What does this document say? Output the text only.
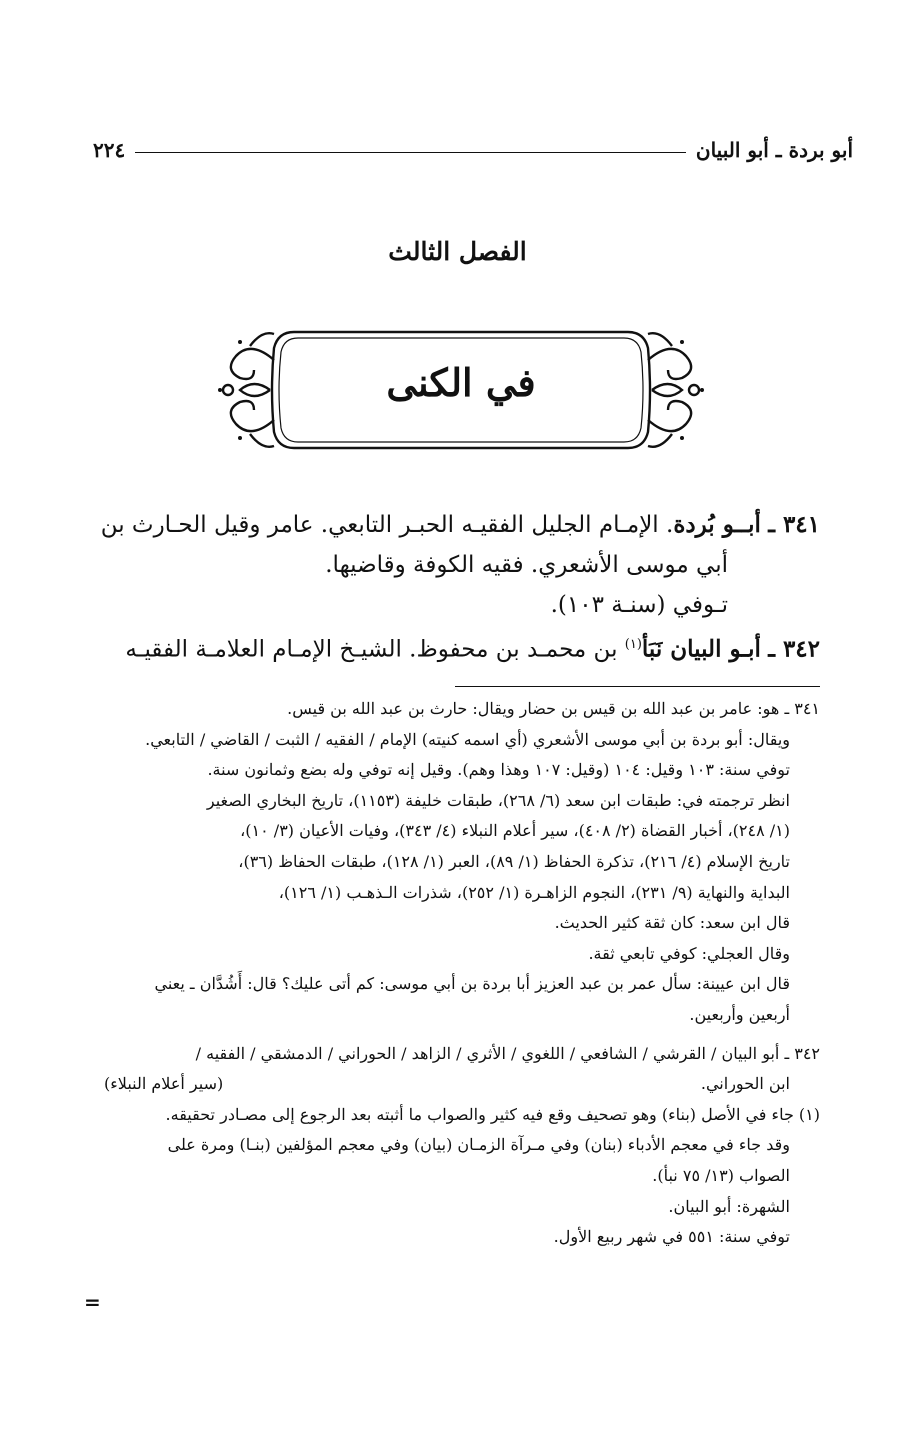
أبو بردة ـ أبو البيان
٢٢٤
الفصل الثالث
في الكنى

٣٤١ ـ أبــو بُردة. الإمـام الجليل الفقيـه الحبـر التابعي. عامر وقيل الحـارث بن

أبي موسى الأشعري. فقيه الكوفة وقاضيها.

تـوفي (سنـة ١٠٣).

٣٤٢ ـ أبـو البيان نَبَأ$^{(١)}$ بن محمـد بن محفوظ. الشيـخ الإمـام العلامـة الفقيـه

٣٤١ ـ هو: عامر بن عبد الله بن قيس بن حضار ويقال: حارث بن عبد الله بن قيس.

ويقال: أبو بردة بن أبي موسى الأشعري (أي اسمه كنيته) الإمام / الفقيه / الثبت / القاضي / التابعي.

توفي سنة: ١٠٣ وقيل: ١٠٤ (وقيل: ١٠٧ وهذا وهم). وقيل إنه توفي وله بضع وثمانون سنة.

انظر ترجمته في: طبقات ابن سعد (٦/ ٢٦٨)، طبقات خليفة (١١٥٣)، تاريخ البخاري الصغير

(١/ ٢٤٨)، أخبار القضاة (٢/ ٤٠٨)، سير أعلام النبلاء (٤/ ٣٤٣)، وفيات الأعيان (٣/ ١٠)،

تاريخ الإسلام (٤/ ٢١٦)، تذكرة الحفاظ (١/ ٨٩)، العبر (١/ ١٢٨)، طبقات الحفاظ (٣٦)،

البداية والنهاية (٩/ ٢٣١)، النجوم الزاهـرة (١/ ٢٥٢)، شذرات الـذهـب (١/ ١٢٦)،

قال ابن سعد: كان ثقة كثير الحديث.

وقال العجلي: كوفي تابعي ثقة.

قال ابن عيينة: سأل عمر بن عبد العزيز أبا بردة بن أبي موسى: كم أتى عليك؟ قال: أَشُدَّان ـ يعني

أربعين وأربعين.

٣٤٢ ـ أبو البيان / القرشي / الشافعي / اللغوي / الأثري / الزاهد / الحوراني / الدمشقي / الفقيه /

ابن الحوراني.
(سير أعلام النبلاء)

(١) جاء في الأصل (بناء) وهو تصحيف وقع فيه كثير والصواب ما أثبته بعد الرجوع إلى مصـادر تحقيقه.

وقد جاء في معجم الأدباء (بنان) وفي مـرآة الزمـان (بيان) وفي معجم المؤلفين (بنـا) ومرة على

الصواب (١٣/ ٧٥ نبأ).

الشهرة: أبو البيان.

توفي سنة: ٥٥١ في شهر ربيع الأول.

=
